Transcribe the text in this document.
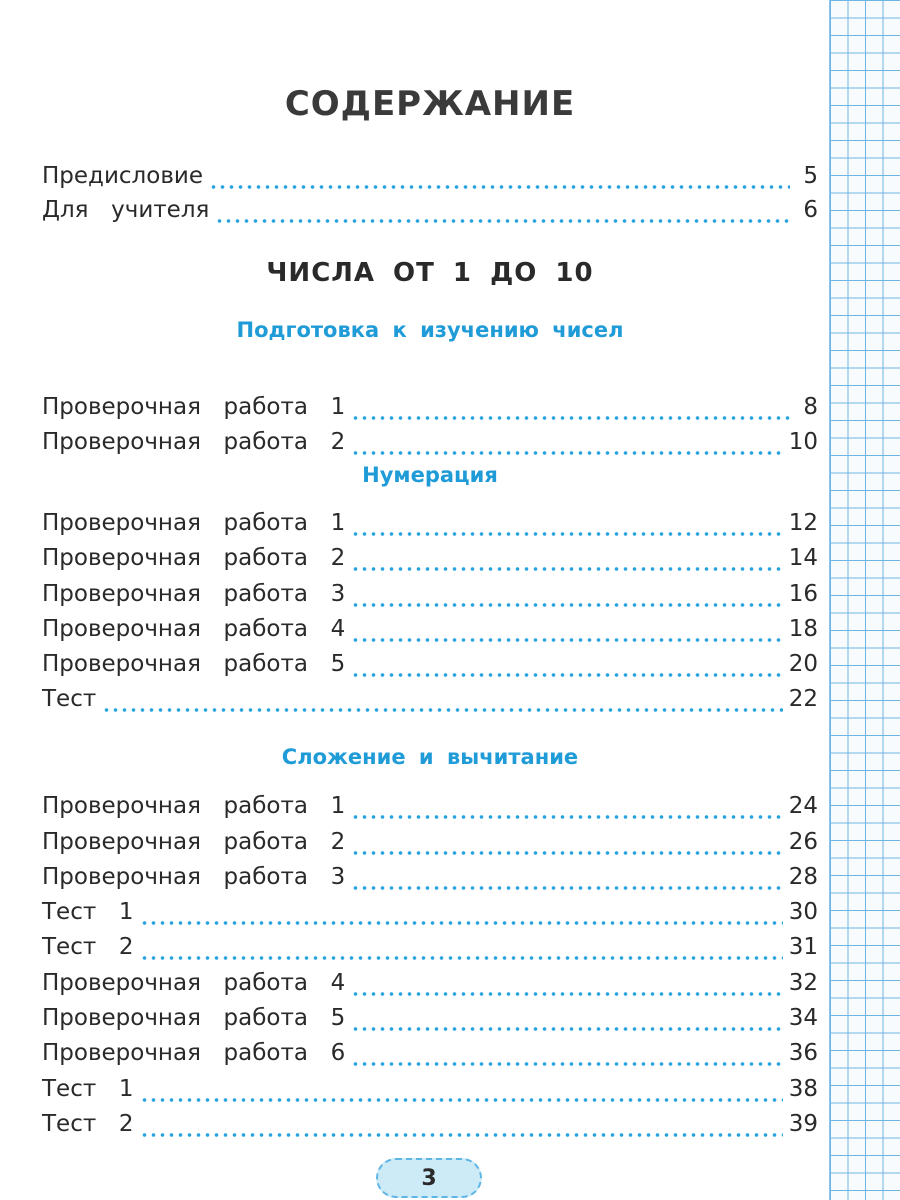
СОДЕРЖАНИЕ
Предисловие	5
Для  учителя	6
ЧИСЛА ОТ 1 ДО 10
Подготовка к изучению чисел
Проверочная  работа  1	8
Проверочная  работа  2	10
Нумерация
Проверочная  работа  1	12
Проверочная  работа  2	14
Проверочная  работа  3	16
Проверочная  работа  4	18
Проверочная  работа  5	20
Тест	22
Сложение и вычитание
Проверочная  работа  1	24
Проверочная  работа  2	26
Проверочная  работа  3	28
Тест  1	30
Тест  2	31
Проверочная  работа  4	32
Проверочная  работа  5	34
Проверочная  работа  6	36
Тест  1	38
Тест  2	39
3
